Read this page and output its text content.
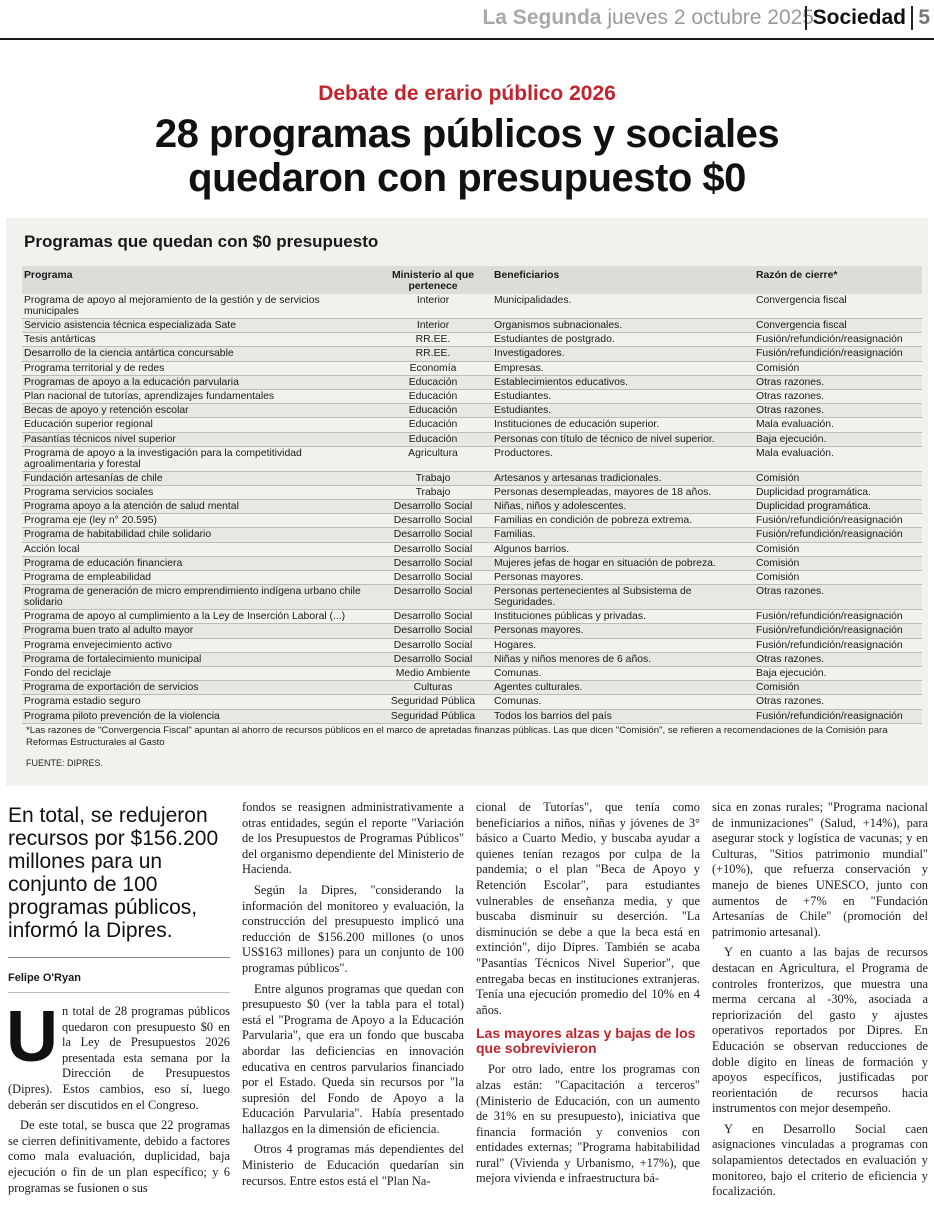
La Segunda jueves 2 octubre 2025
Sociedad 5
Debate de erario público 2026
28 programas públicos y sociales quedaron con presupuesto $0
Programas que quedan con $0 presupuesto
Programa	Ministerio al que pertenece	Beneficiarios	Razón de cierre*
Programa de apoyo al mejoramiento de la gestión y de servicios municipales	Interior	Municipalidades.	Convergencia fiscal
Servicio asistencia técnica especializada Sate	Interior	Organismos subnacionales.	Convergencia fiscal
Tesis antárticas	RR.EE.	Estudiantes de postgrado.	Fusión/refundición/reasignación
Desarrollo de la ciencia antártica concursable	RR.EE.	Investigadores.	Fusión/refundición/reasignación
Programa territorial y de redes	Economía	Empresas.	Comisión
Programas de apoyo a la educación parvularia	Educación	Establecimientos educativos.	Otras razones.
Plan nacional de tutorías, aprendizajes fundamentales	Educación	Estudiantes.	Otras razones.
Becas de apoyo y retención escolar	Educación	Estudiantes.	Otras razones.
Educación superior regional	Educación	Instituciones de educación superior.	Mala evaluación.
Pasantías técnicos nivel superior	Educación	Personas con título de técnico de nivel superior.	Baja ejecución.
Programa de apoyo a la investigación para la competitividad agroalimentaria y forestal	Agricultura	Productores.	Mala evaluación.
Fundación artesanías de chile	Trabajo	Artesanos y artesanas tradicionales.	Comisión
Programa servicios sociales	Trabajo	Personas desempleadas, mayores de 18 años.	Duplicidad programática.
Programa apoyo a la atención de salud mental	Desarrollo Social	Niñas, niños y adolescentes.	Duplicidad programática.
Programa eje (ley n° 20.595)	Desarrollo Social	Familias en condición de pobreza extrema.	Fusión/refundición/reasignación
Programa de habitabilidad chile solidario	Desarrollo Social	Familias.	Fusión/refundición/reasignación
Acción local	Desarrollo Social	Algunos barrios.	Comisión
Programa de educación financiera	Desarrollo Social	Mujeres jefas de hogar en situación de pobreza.	Comisión
Programa de empleabilidad	Desarrollo Social	Personas mayores.	Comisión
Programa de generación de micro emprendimiento indígena urbano chile solidario	Desarrollo Social	Personas pertenecientes al Subsistema de Seguridades.	Otras razones.
Programa de apoyo al cumplimiento a la Ley de Inserción Laboral (...)	Desarrollo Social	Instituciones públicas y privadas.	Fusión/refundición/reasignación
Programa buen trato al adulto mayor	Desarrollo Social	Personas mayores.	Fusión/refundición/reasignación
Programa envejecimiento activo	Desarrollo Social	Hogares.	Fusión/refundición/reasignación
Programa de fortalecimiento municipal	Desarrollo Social	Niñas y niños menores de 6 años.	Otras razones.
Fondo del reciclaje	Medio Ambiente	Comunas.	Baja ejecución.
Programa de exportación de servicios	Culturas	Agentes culturales.	Comisión
Programa estadio seguro	Seguridad Pública	Comunas.	Otras razones.
Programa piloto prevención de la violencia	Seguridad Pública	Todos los barrios del país	Fusión/refundición/reasignación
*Las razones de "Convergencia Fiscal" apuntan al ahorro de recursos públicos en el marco de apretadas finanzas públicas. Las que dicen "Comisión", se refieren a recomendaciones de la Comisión para Reformas Estructurales al Gasto
FUENTE: DIPRES.
En total, se redujeron recursos por $156.200 millones para un conjunto de 100 programas públicos, informó la Dipres.
Felipe O'Ryan

Un total de 28 programas públicos quedaron con presupuesto $0 en la Ley de Presupuestos 2026 presentada esta semana por la Dirección de Presupuestos (Dipres). Estos cambios, eso sí, luego deberán ser discutidos en el Congreso.

De este total, se busca que 22 programas se cierren definitivamente, debido a factores como mala evaluación, duplicidad, baja ejecución o fin de un plan específico; y 6 programas se fusionen o sus

fondos se reasignen administrativamente a otras entidades, según el reporte "Variación de los Presupuestos de Programas Públicos" del organismo dependiente del Ministerio de Hacienda.

Según la Dipres, "considerando la información del monitoreo y evaluación, la construcción del presupuesto implicó una reducción de $156.200 millones (o unos US$163 millones) para un conjunto de 100 programas públicos".

Entre algunos programas que quedan con presupuesto $0 (ver la tabla para el total) está el "Programa de Apoyo a la Educación Parvularia", que era un fondo que buscaba abordar las deficiencias en innovación educativa en centros parvularios financiado por el Estado. Queda sin recursos por "la supresión del Fondo de Apoyo a la Educación Parvularia". Había presentado hallazgos en la dimensión de eficiencia.

Otros 4 programas más dependientes del Ministerio de Educación quedarían sin recursos. Entre estos está el "Plan Na-

cional de Tutorías", que tenía como beneficiarios a niños, niñas y jóvenes de 3° básico a Cuarto Medio, y buscaba ayudar a quienes tenían rezagos por culpa de la pandemia; o el plan "Beca de Apoyo y Retención Escolar", para estudiantes vulnerables de enseñanza media, y que buscaba disminuir su deserción. "La disminución se debe a que la beca está en extinción", dijo Dipres. También se acaba "Pasantías Técnicos Nivel Superior", que entregaba becas en instituciones extranjeras. Tenía una ejecución promedio del 10% en 4 años.

Las mayores alzas y bajas de los que sobrevivieron

Por otro lado, entre los programas con alzas están: "Capacitación a terceros" (Ministerio de Educación, con un aumento de 31% en su presupuesto), iniciativa que financia formación y convenios con entidades externas; "Programa habitabilidad rural" (Vivienda y Urbanismo, +17%), que mejora vivienda e infraestructura bá-

sica en zonas rurales; "Programa nacional de inmunizaciones" (Salud, +14%), para asegurar stock y logística de vacunas; y en Culturas, "Sitios patrimonio mundial" (+10%), que refuerza conservación y manejo de bienes UNESCO, junto con aumentos de +7% en "Fundación Artesanías de Chile" (promoción del patrimonio artesanal).

Y en cuanto a las bajas de recursos destacan en Agricultura, el Programa de controles fronterizos, que muestra una merma cercana al -30%, asociada a repriorización del gasto y ajustes operativos reportados por Dipres. En Educación se observan reducciones de doble dígito en líneas de formación y apoyos específicos, justificadas por reorientación de recursos hacia instrumentos con mejor desempeño.

Y en Desarrollo Social caen asignaciones vinculadas a programas con solapamientos detectados en evaluación y monitoreo, bajo el criterio de eficiencia y focalización.
